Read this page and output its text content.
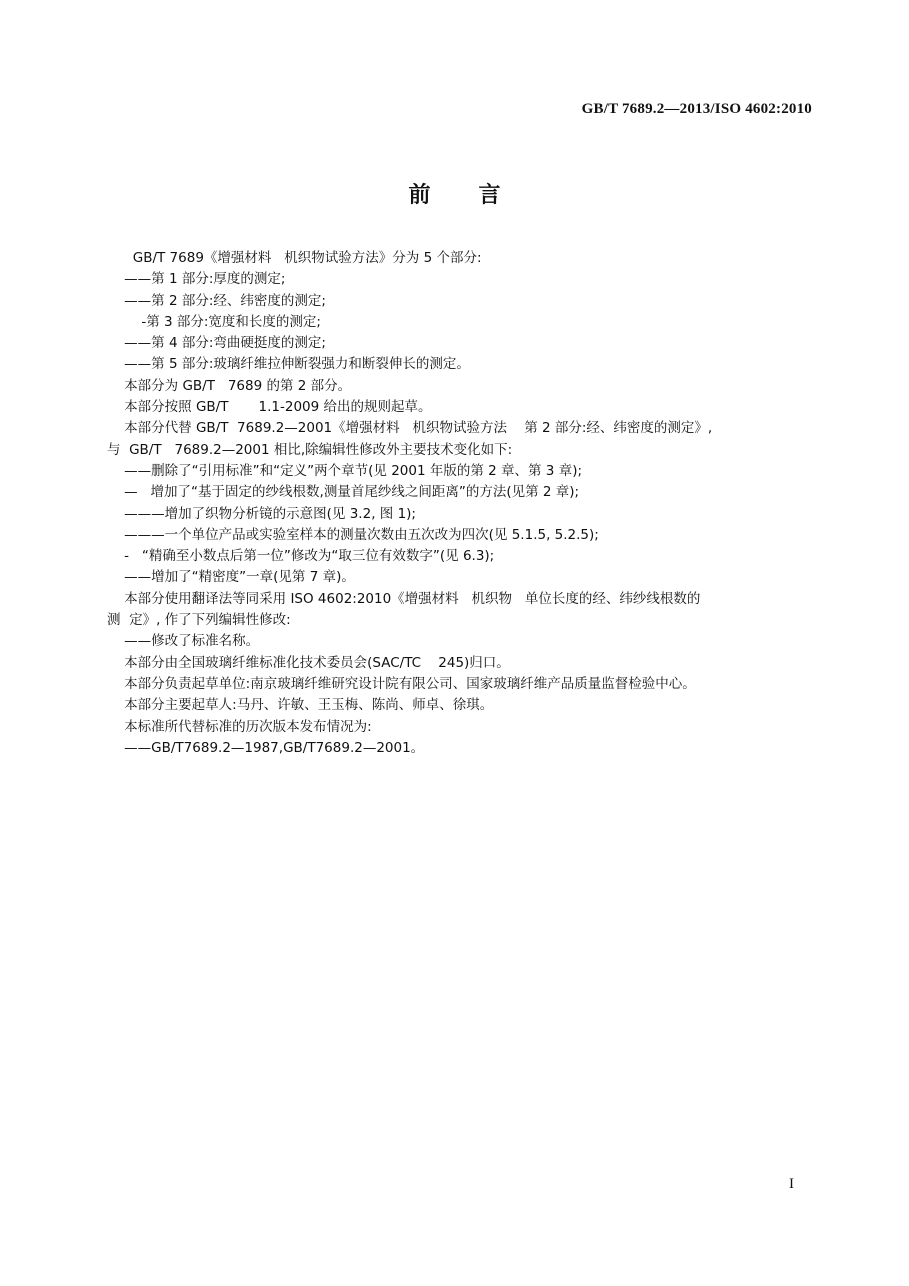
GB/T 7689.2—2013/ISO 4602:2010
前 言
GB/T 7689《增强材料   机织物试验方法》分为 5 个部分:
——第 1 部分:厚度的测定;
——第 2 部分:经、纬密度的测定;
-第 3 部分:宽度和长度的测定;
——第 4 部分:弯曲硬挺度的测定;
——第 5 部分:玻璃纤维拉伸断裂强力和断裂伸长的测定。
本部分为 GB/T   7689 的第 2 部分。
本部分按照 GB/T       1.1-2009 给出的规则起草。
本部分代替 GB/T  7689.2—2001《增强材料   机织物试验方法    第 2 部分:经、纬密度的测定》,
与  GB/T   7689.2—2001 相比,除编辑性修改外主要技术变化如下:
——删除了“引用标准”和“定义”两个章节(见 2001 年版的第 2 章、第 3 章);
—   增加了“基于固定的纱线根数,测量首尾纱线之间距离”的方法(见第 2 章);
———增加了织物分析镜的示意图(见 3.2, 图 1);
———一个单位产品或实验室样本的测量次数由五次改为四次(见 5.1.5, 5.2.5);
-   “精确至小数点后第一位”修改为“取三位有效数字”(见 6.3);
——增加了“精密度”一章(见第 7 章)。
本部分使用翻译法等同采用 ISO 4602:2010《增强材料   机织物   单位长度的经、纬纱线根数的
测  定》, 作了下列编辑性修改:
——修改了标准名称。
本部分由全国玻璃纤维标准化技术委员会(SAC/TC    245)归口。
本部分负责起草单位:南京玻璃纤维研究设计院有限公司、国家玻璃纤维产品质量监督检验中心。
本部分主要起草人:马丹、许敏、王玉梅、陈尚、师卓、徐琪。
本标准所代替标准的历次版本发布情况为:
——GB/T7689.2—1987,GB/T7689.2—2001。
I
